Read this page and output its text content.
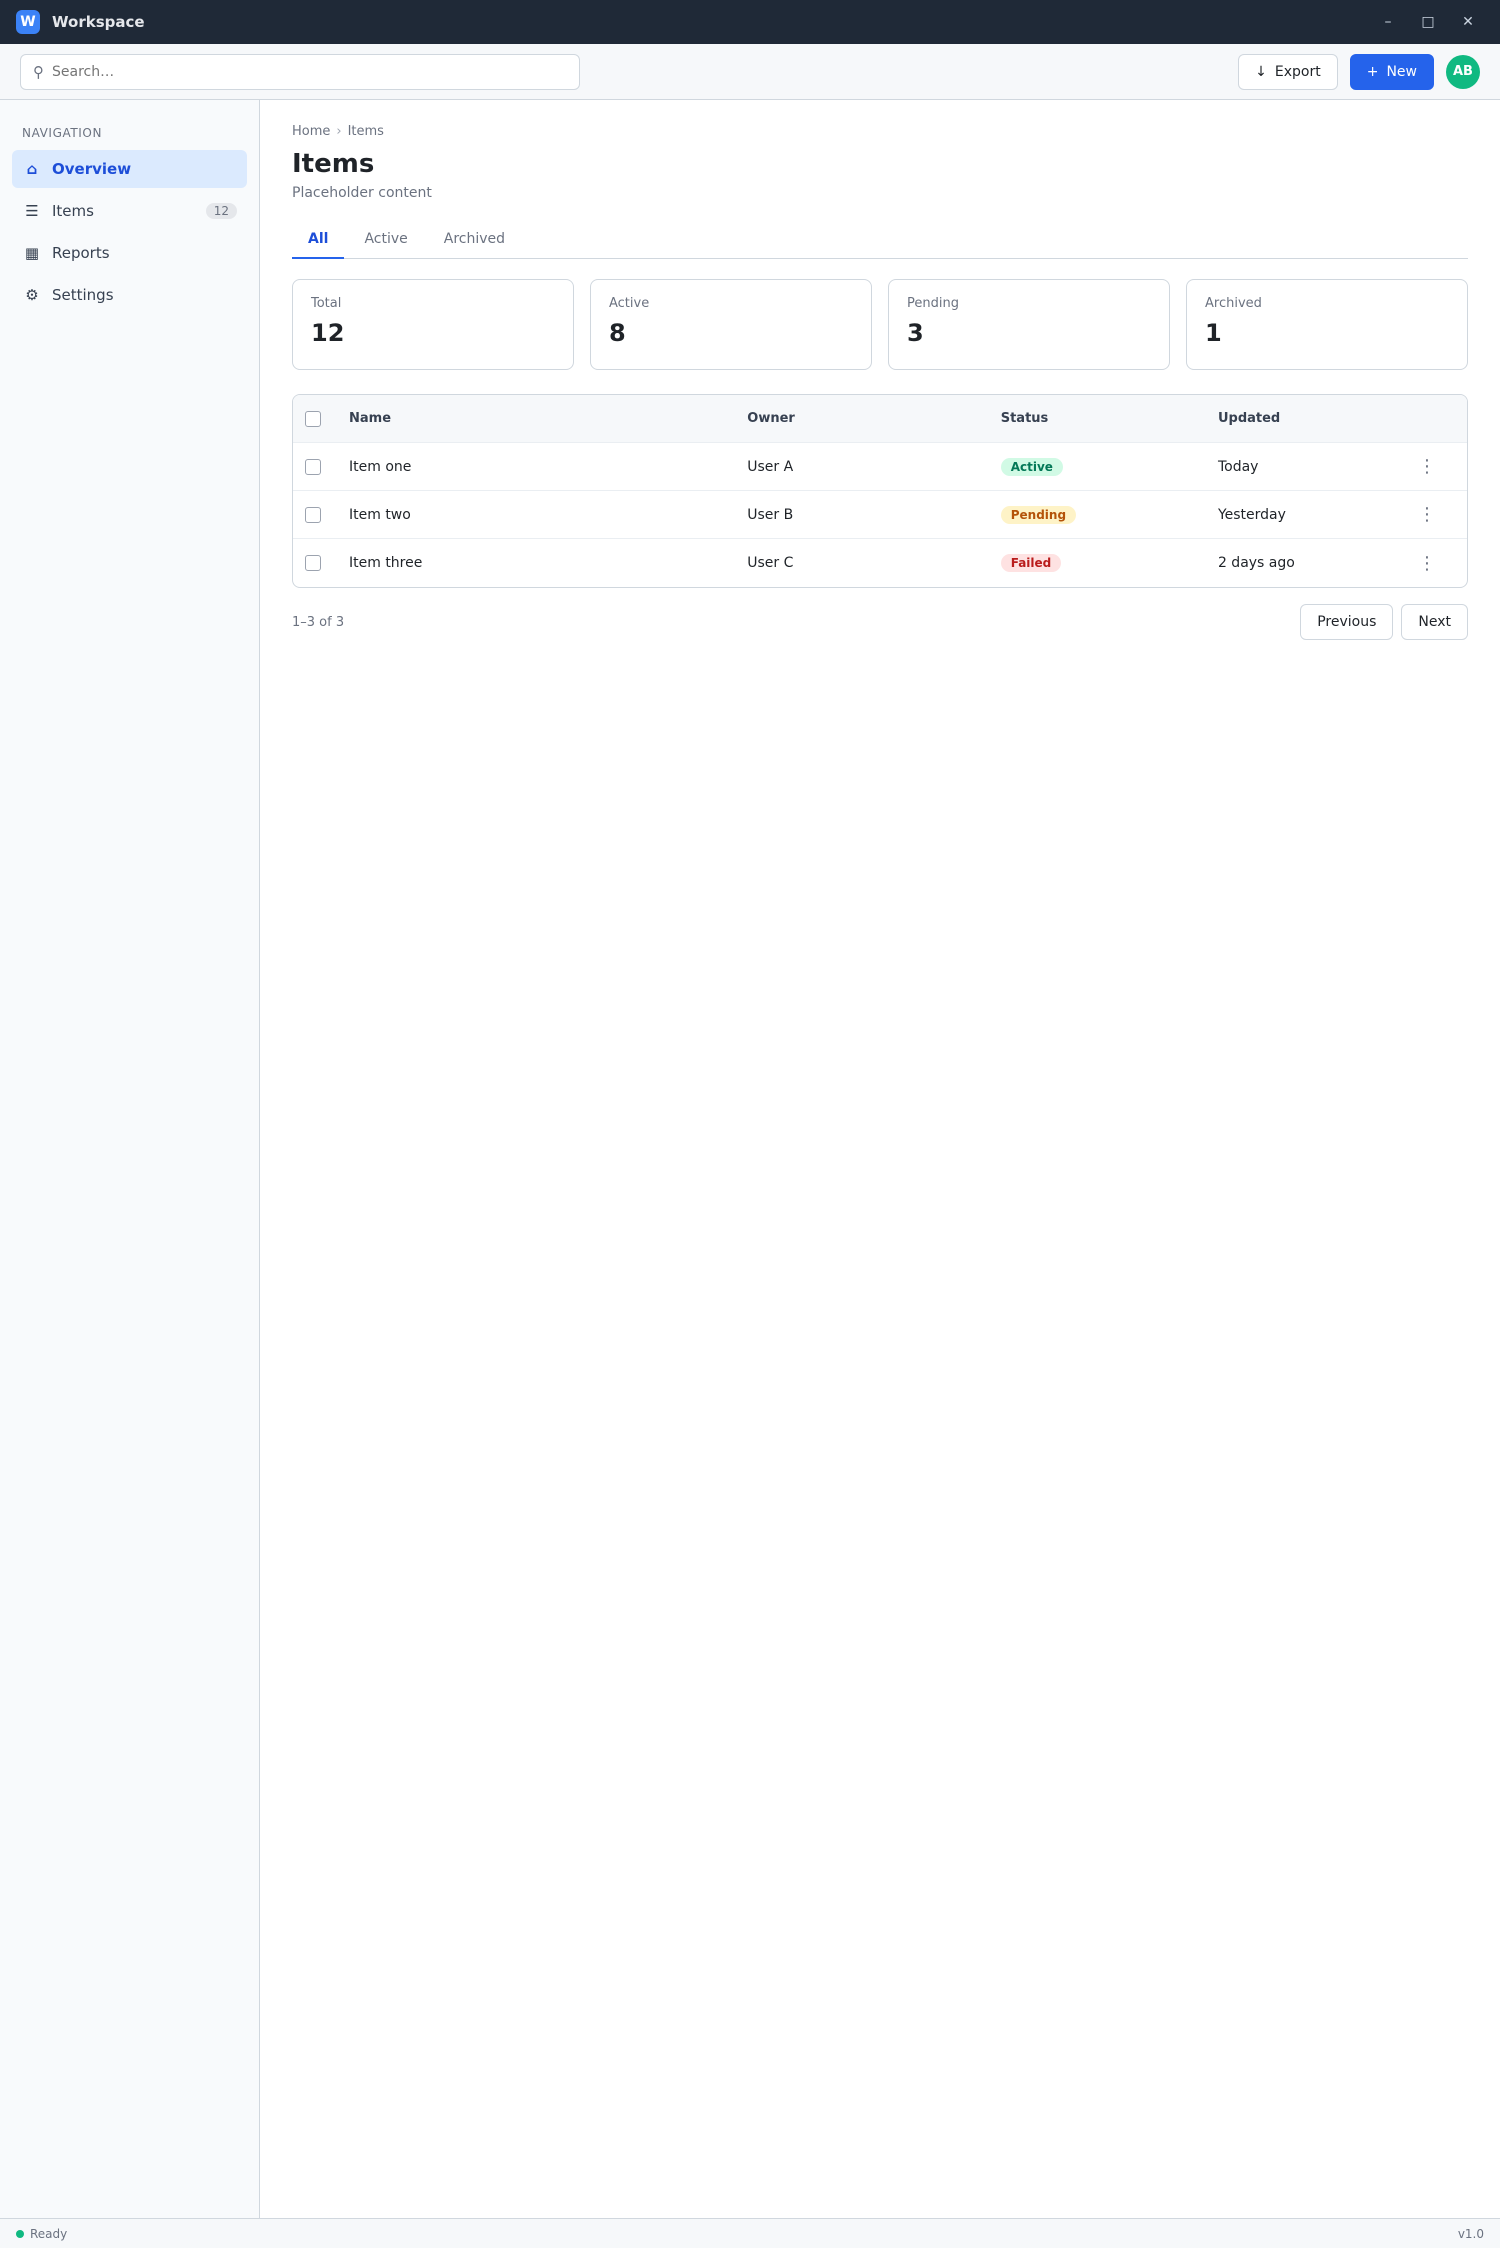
W Workspace	–	□	✕
⚲
Search…	↓ Export	+ New	AB
NAVIGATION
⌂ Overview
☰ Items	12
▦ Reports
⚙ Settings
Home › Items
Items
Placeholder content
All	Active	Archived
Total
12
Active
8
Pending
3
Archived
1
Name	Owner	Status	Updated
Item one	User A	Active	Today	⋮
Item two	User B	Pending	Yesterday	⋮
Item three	User C	Failed	2 days ago	⋮
1–3 of 3	Previous	Next
Ready	v1.0
